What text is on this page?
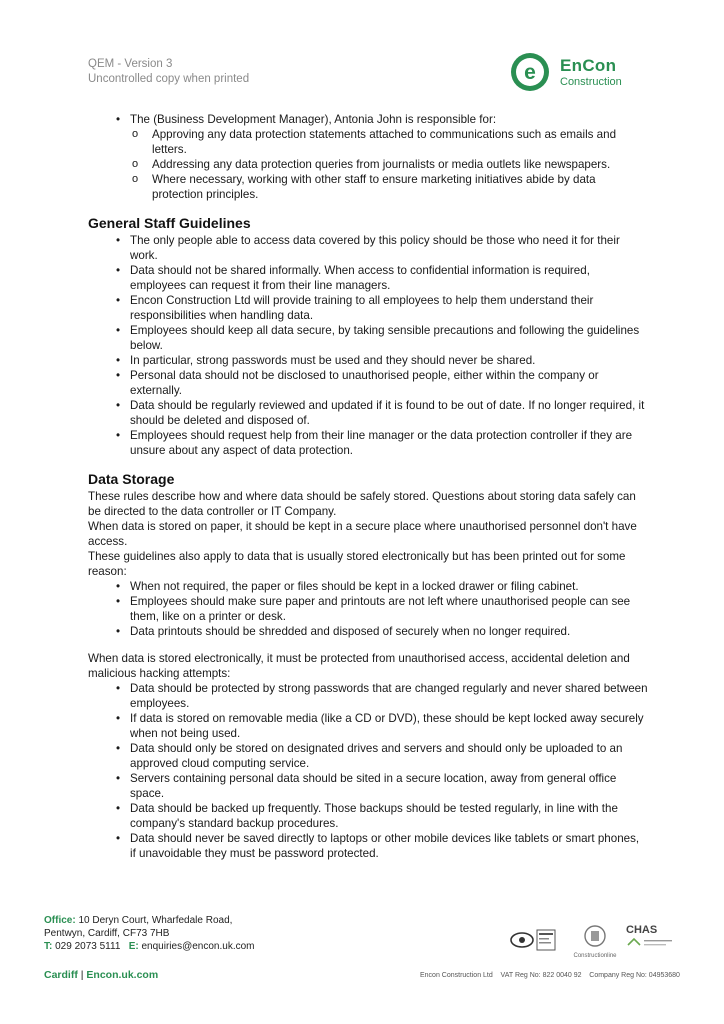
QEM - Version 3
Uncontrolled copy when printed	e EnCon
Construction
• The (Business Development Manager), Antonia John is responsible for:
o Approving any data protection statements attached to communications such as emails and letters.
o Addressing any data protection queries from journalists or media outlets like newspapers.
o Where necessary, working with other staff to ensure marketing initiatives abide by data protection principles.
General Staff Guidelines
• The only people able to access data covered by this policy should be those who need it for their work.
• Data should not be shared informally. When access to confidential information is required, employees can request it from their line managers.
• Encon Construction Ltd will provide training to all employees to help them understand their responsibilities when handling data.
• Employees should keep all data secure, by taking sensible precautions and following the guidelines below.
• In particular, strong passwords must be used and they should never be shared.
• Personal data should not be disclosed to unauthorised people, either within the company or externally.
• Data should be regularly reviewed and updated if it is found to be out of date. If no longer required, it should be deleted and disposed of.
• Employees should request help from their line manager or the data protection controller if they are unsure about any aspect of data protection.
Data Storage

These rules describe how and where data should be safely stored. Questions about storing data safely can be directed to the data controller or IT Company.

When data is stored on paper, it should be kept in a secure place where unauthorised personnel don't have access.

These guidelines also apply to data that is usually stored electronically but has been printed out for some reason:

• When not required, the paper or files should be kept in a locked drawer or filing cabinet.
• Employees should make sure paper and printouts are not left where unauthorised people can see them, like on a printer or desk.
• Data printouts should be shredded and disposed of securely when no longer required.

When data is stored electronically, it must be protected from unauthorised access, accidental deletion and malicious hacking attempts:

• Data should be protected by strong passwords that are changed regularly and never shared between employees.
• If data is stored on removable media (like a CD or DVD), these should be kept locked away securely when not being used.
• Data should only be stored on designated drives and servers and should only be uploaded to an approved cloud computing service.
• Servers containing personal data should be sited in a secure location, away from general office space.
• Data should be backed up frequently. Those backups should be tested regularly, in line with the company's standard backup procedures.
• Data should never be saved directly to laptops or other mobile devices like tablets or smart phones, if unavoidable they must be password protected.
Office: 10 Deryn Court, Wharfedale Road,
Pentwyn, Cardiff, CF73 7HB
T: 029 2073 5111 E: enquiries@encon.uk.com
Cardiff | Encon.uk.com	Encon Construction Ltd VAT Reg No: 822 0040 92 Company Reg No: 04953680
Constructionline
CHAS
